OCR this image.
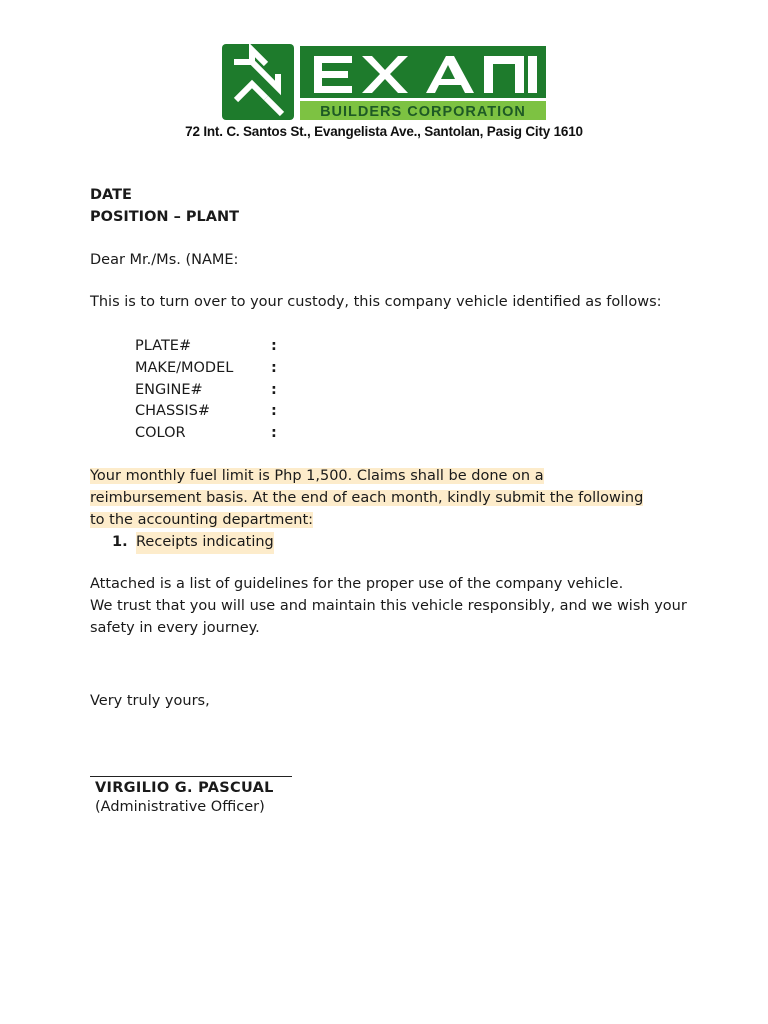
BUILDERS CORPORATION
72 Int. C. Santos St., Evangelista Ave., Santolan, Pasig City 1610
DATE
POSITION – PLANT
Dear Mr./Ms. (NAME:
This is to turn over to your custody, this company vehicle identified as follows:
PLATE#	:
MAKE/MODEL	:
ENGINE#	:
CHASSIS#	:
COLOR	:
Your monthly fuel limit is Php 1,500. Claims shall be done on a
reimbursement basis. At the end of each month, kindly submit the following
to the accounting department:
1. Receipts indicating
Attached is a list of guidelines for the proper use of the company vehicle.
We trust that you will use and maintain this vehicle responsibly, and we wish your safety in every journey.
Very truly yours,
VIRGILIO G. PASCUAL
(Administrative Officer)
